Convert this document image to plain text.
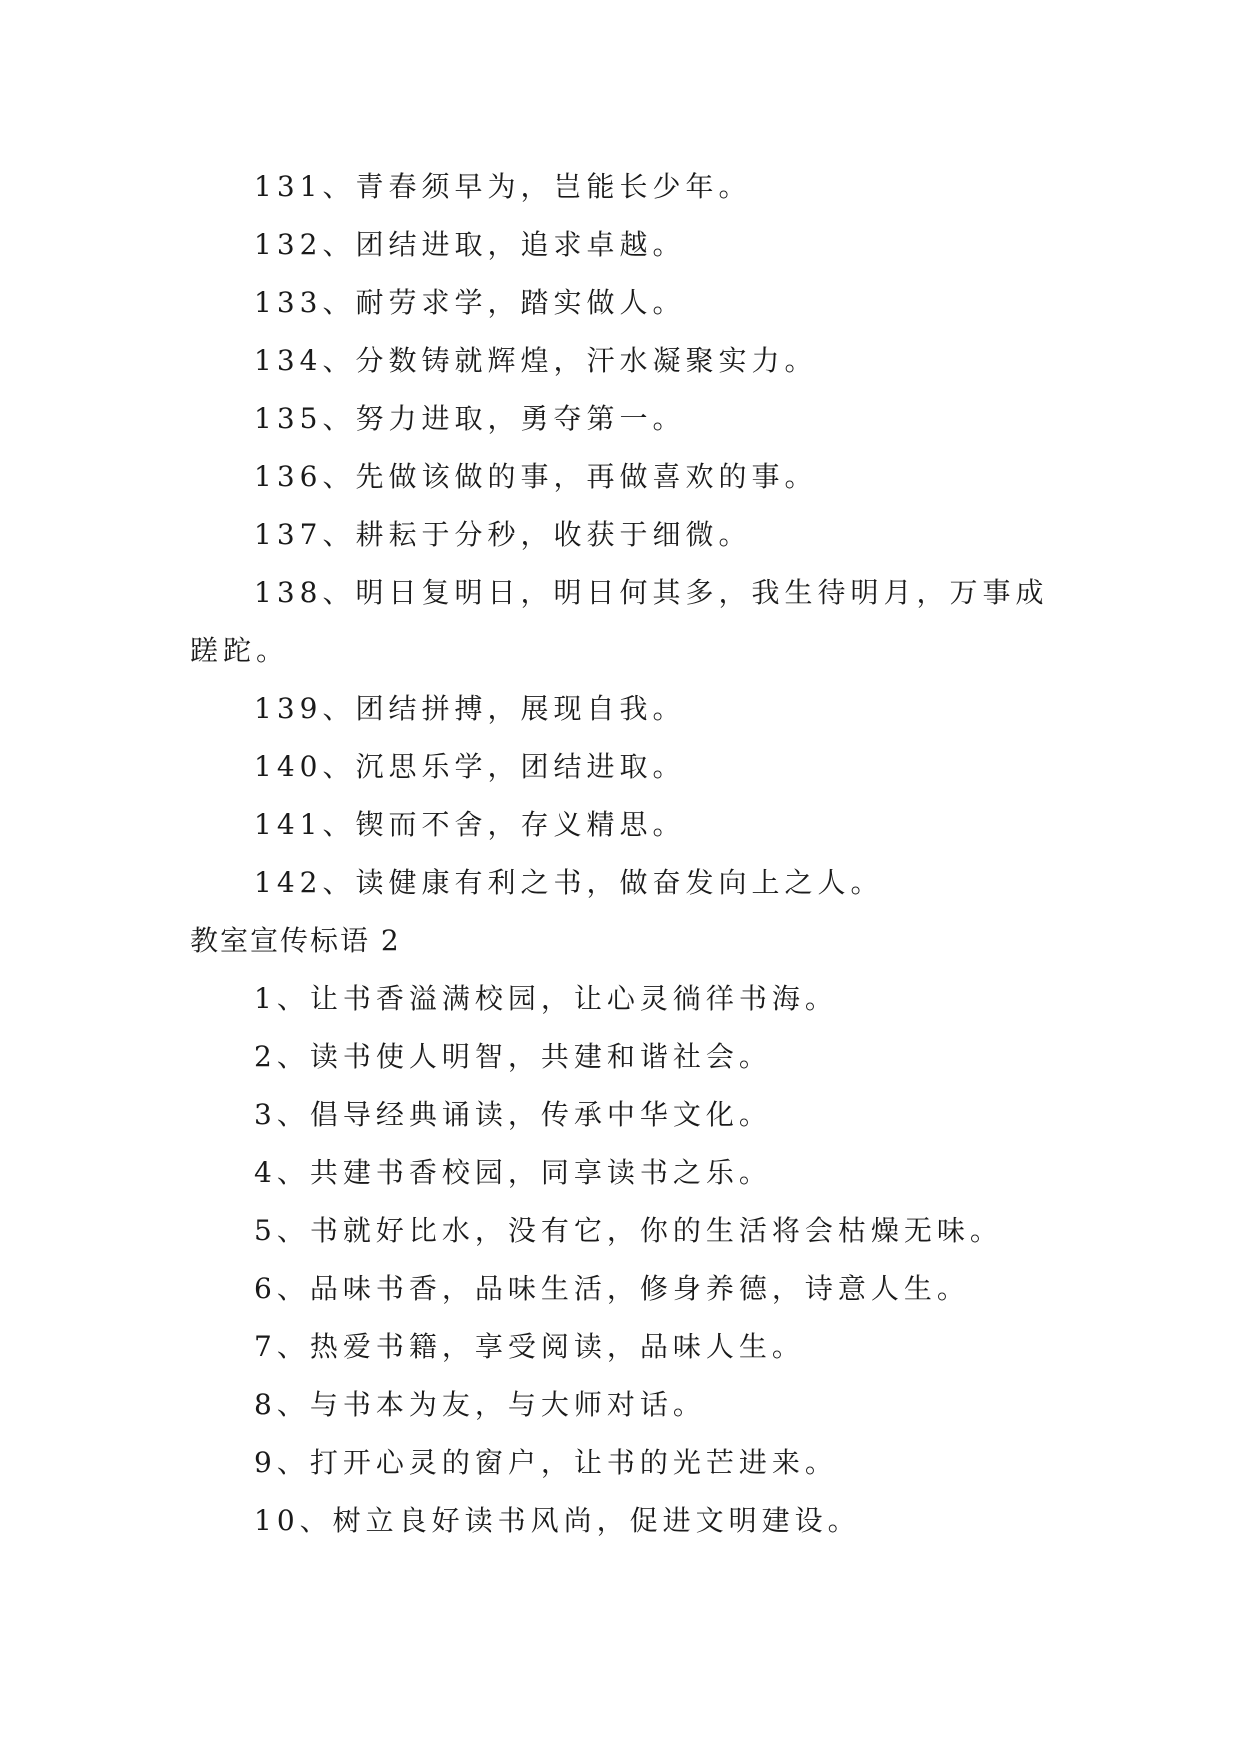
131、青春须早为，岂能长少年。
132、团结进取，追求卓越。
133、耐劳求学，踏实做人。
134、分数铸就辉煌，汗水凝聚实力。
135、努力进取，勇夺第一。
136、先做该做的事，再做喜欢的事。
137、耕耘于分秒，收获于细微。
138、明日复明日，明日何其多，我生待明月，万事成蹉跎。
139、团结拼搏，展现自我。
140、沉思乐学，团结进取。
141、锲而不舍，存义精思。
142、读健康有利之书，做奋发向上之人。
教室宣传标语 2
1、让书香溢满校园，让心灵徜徉书海。
2、读书使人明智，共建和谐社会。
3、倡导经典诵读，传承中华文化。
4、共建书香校园，同享读书之乐。
5、书就好比水，没有它，你的生活将会枯燥无味。
6、品味书香，品味生活，修身养德，诗意人生。
7、热爱书籍，享受阅读，品味人生。
8、与书本为友，与大师对话。
9、打开心灵的窗户，让书的光芒进来。
10、树立良好读书风尚，促进文明建设。
